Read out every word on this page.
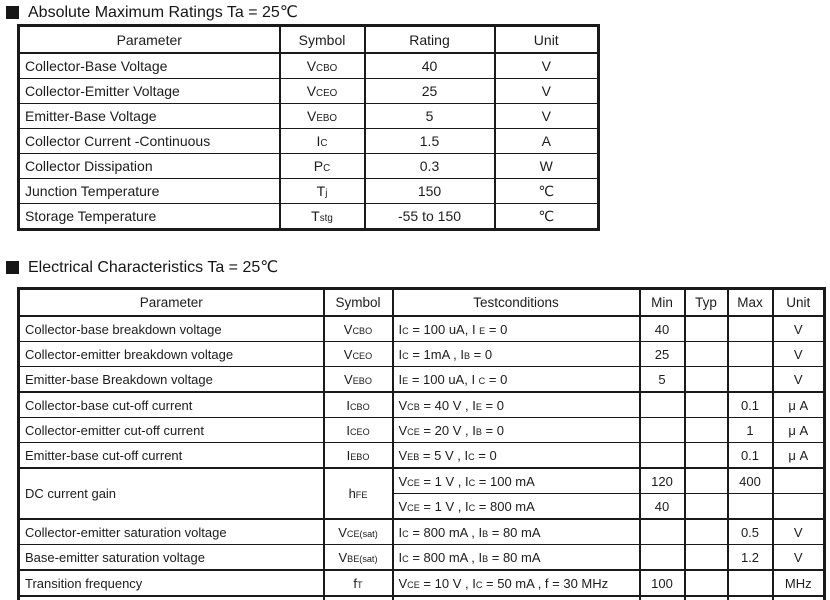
Absolute Maximum Ratings Ta = 25℃
Parameter	Symbol	Rating	Unit
Collector-Base Voltage	VCBO	40	V
Collector-Emitter Voltage	VCEO	25	V
Emitter-Base Voltage	VEBO	5	V
Collector Current -Continuous	IC	1.5	A
Collector Dissipation	PC	0.3	W
Junction Temperature	Tj	150	℃
Storage Temperature	Tstg	-55 to 150	℃
Electrical Characteristics Ta = 25℃
Parameter	Symbol	Testconditions	Min	Typ	Max	Unit
Collector-base breakdown voltage	VCBO	IC = 100 uA, I E = 0	40			V
Collector-emitter breakdown voltage	VCEO	IC = 1mA , IB = 0	25			V
Emitter-base Breakdown voltage	VEBO	IE = 100 uA, I C = 0	5			V
Collector-base cut-off current	ICBO	VCB = 40 V , IE = 0			0.1	μ A
Collector-emitter cut-off current	ICEO	VCE = 20 V , IB = 0			1	μ A
Emitter-base cut-off current	IEBO	VEB = 5 V , IC = 0			0.1	μ A
DC current gain	hFE	VCE = 1 V , IC = 100 mA	120		400	
		VCE = 1 V , IC = 800 mA	40			
Collector-emitter saturation voltage	VCE(sat)	IC = 800 mA , IB = 80 mA			0.5	V
Base-emitter saturation voltage	VBE(sat)	IC = 800 mA , IB = 80 mA			1.2	V
Transition frequency	fT	VCE = 10 V , IC = 50 mA , f = 30 MHz	100			MHz
